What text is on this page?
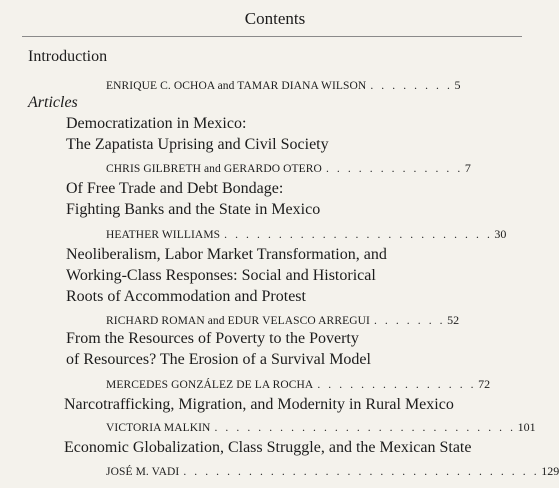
Contents
Introduction
ENRIQUE C. OCHOA and TAMAR DIANA WILSON . . . . . . . . 5
Articles
Democratization in Mexico:
The Zapatista Uprising and Civil Society
CHRIS GILBRETH and GERARDO OTERO . . . . . . . . . . . . . 7
Of Free Trade and Debt Bondage:
Fighting Banks and the State in Mexico
HEATHER WILLIAMS . . . . . . . . . . . . . . . . . . . . . . . . . 30
Neoliberalism, Labor Market Transformation, and
Working-Class Responses: Social and Historical
Roots of Accommodation and Protest
RICHARD ROMAN and EDUR VELASCO ARREGUI . . . . . . . 52
From the Resources of Poverty to the Poverty
of Resources? The Erosion of a Survival Model
MERCEDES GONZÁLEZ DE LA ROCHA . . . . . . . . . . . . . . . 72
Narcotrafficking, Migration, and Modernity in Rural Mexico
VICTORIA MALKIN . . . . . . . . . . . . . . . . . . . . . . . . . . . . 101
Economic Globalization, Class Struggle, and the Mexican State
JOSÉ M. VADI . . . . . . . . . . . . . . . . . . . . . . . . . . . . . . . . . 129
